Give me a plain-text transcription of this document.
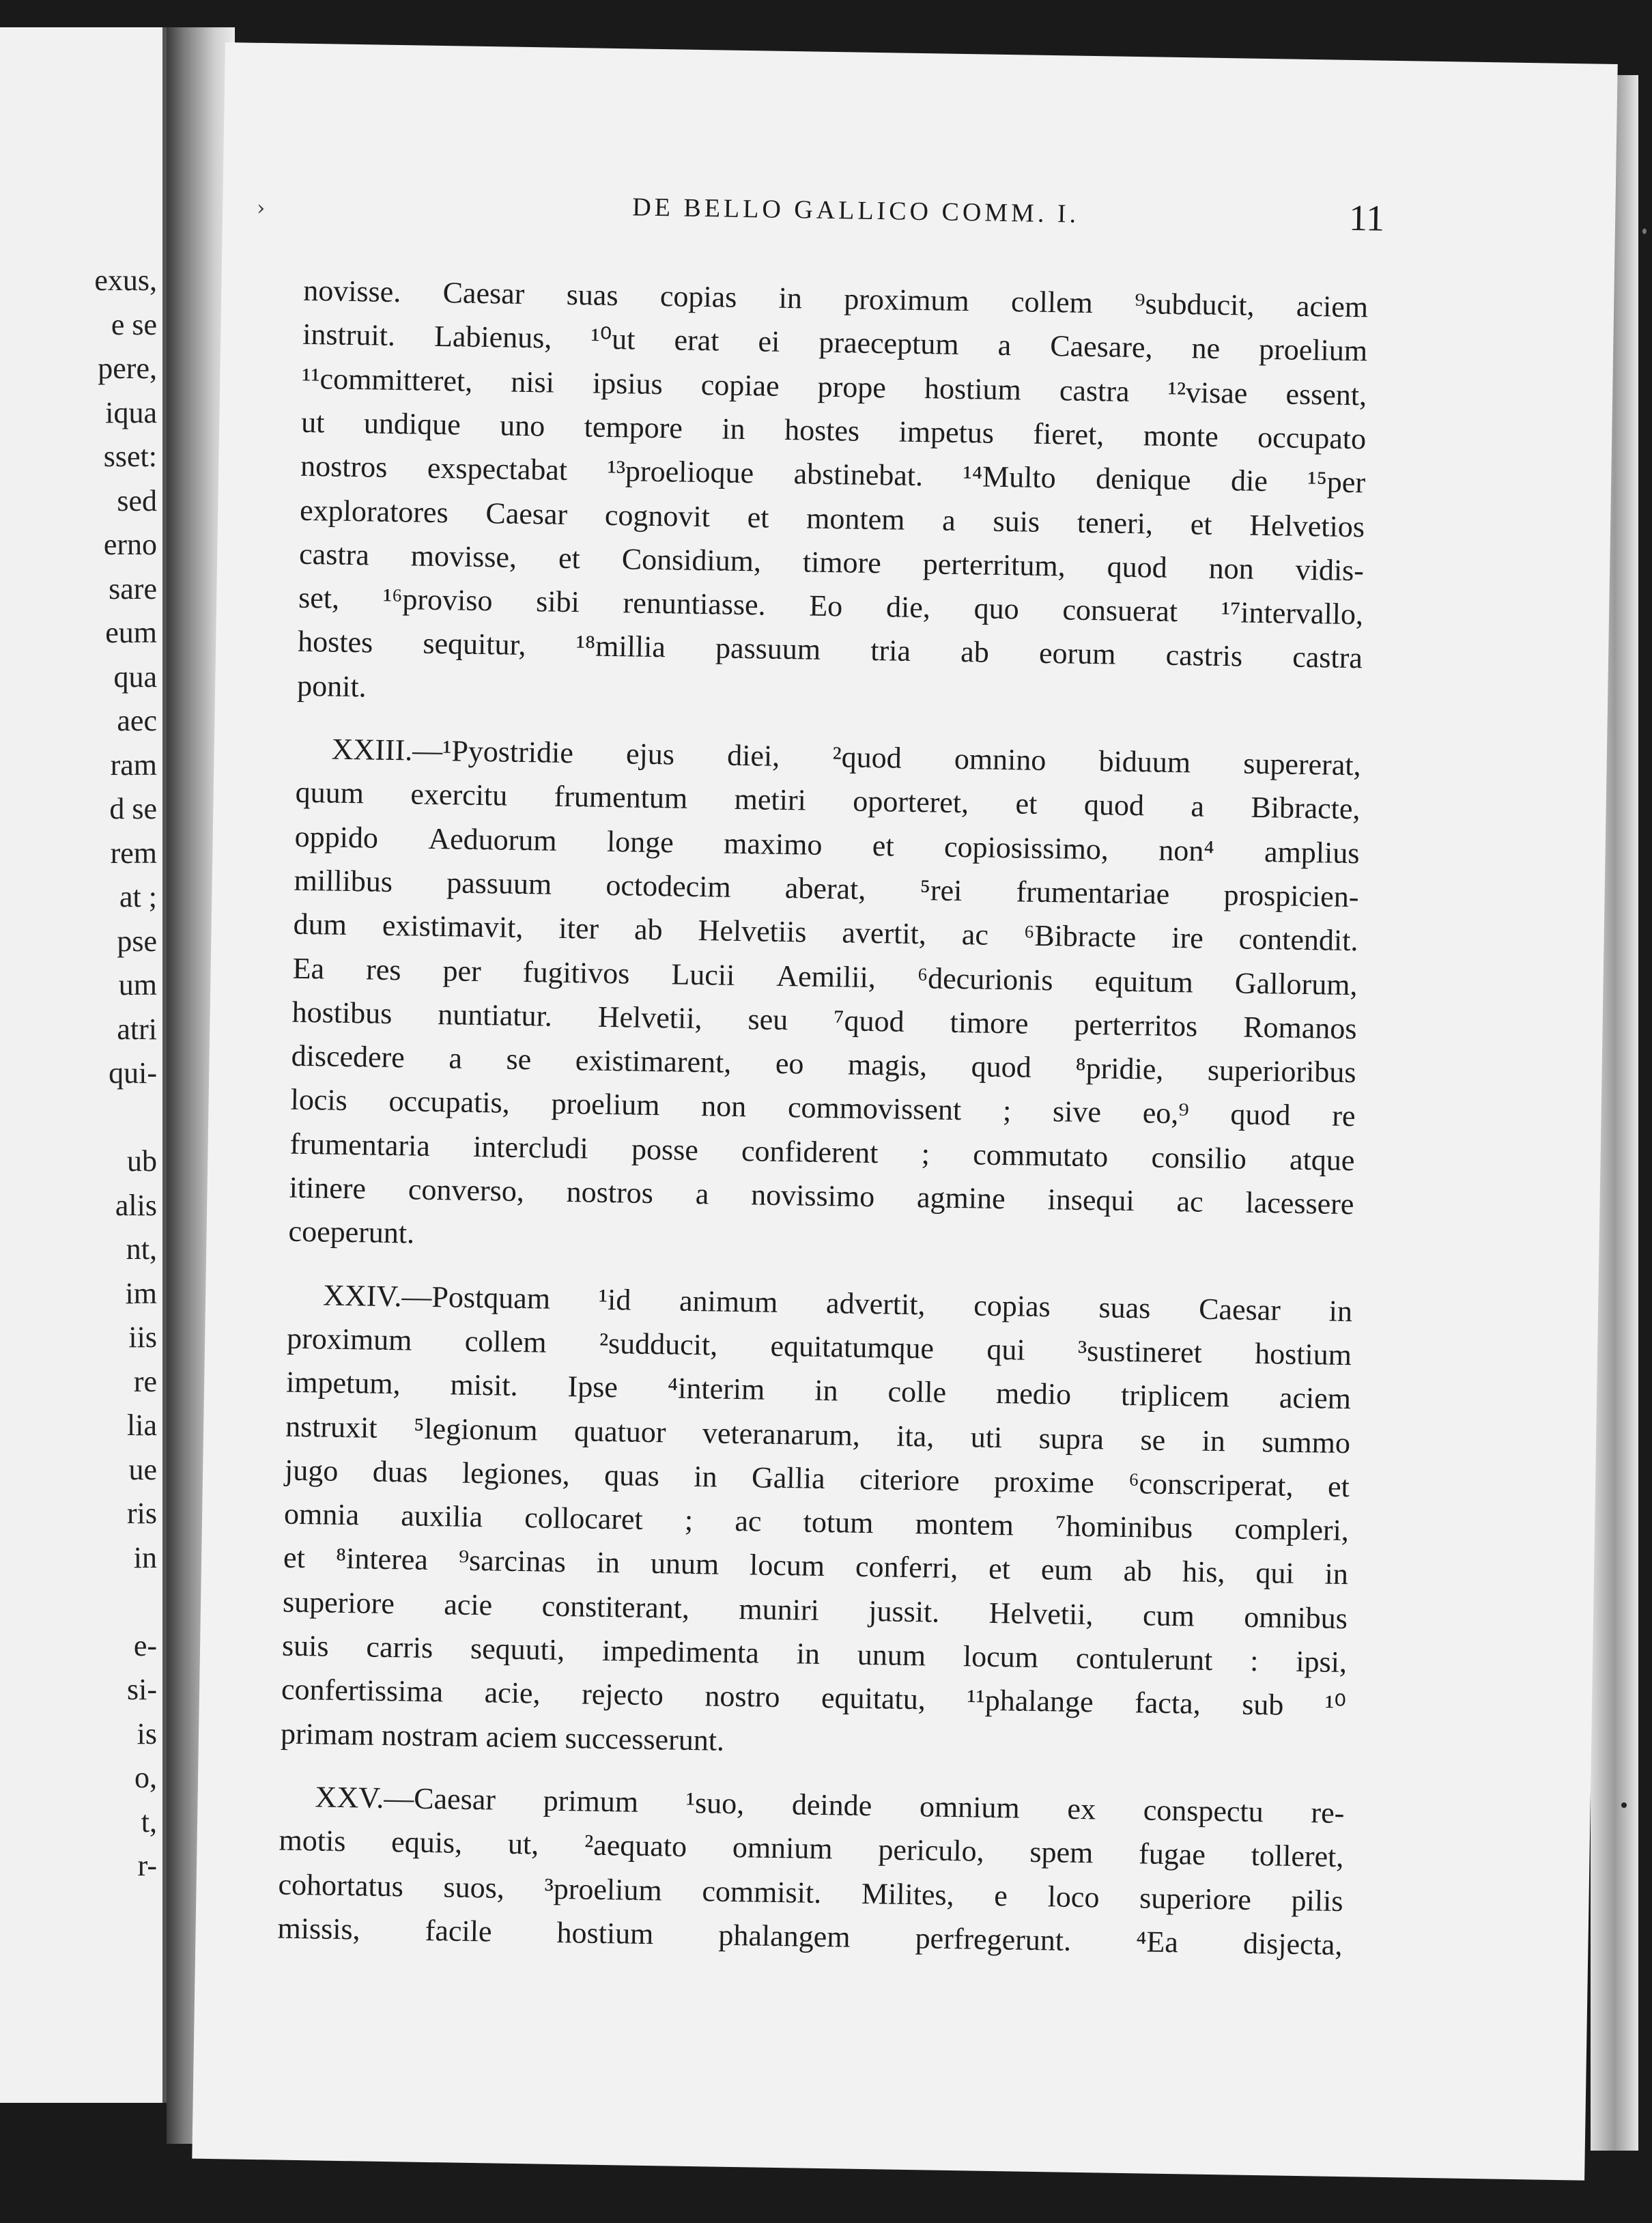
exus,
e se
pere,
iqua
sset:
sed
erno
sare
eum
qua
aec
ram
d se
rem
at ;
pse
um
atri
qui-
ub
alis
nt,
im
iis
re
lia
ue
ris
in
e-
si-
is
o,
t,
r-
›	DE BELLO GALLICO COMM. I.	11
novisse. Caesar suas copias in proximum collem ⁹subducit, aciem
instruit. Labienus, ¹⁰ut erat ei praeceptum a Caesare, ne proelium
¹¹committeret, nisi ipsius copiae prope hostium castra ¹²visae essent,
ut undique uno tempore in hostes impetus fieret, monte occupato
nostros exspectabat ¹³proelioque abstinebat. ¹⁴Multo denique die ¹⁵per
exploratores Caesar cognovit et montem a suis teneri, et Helvetios
castra movisse, et Considium, timore perterritum, quod non vidis-
set, ¹⁶proviso sibi renuntiasse. Eo die, quo consuerat ¹⁷intervallo,
hostes sequitur, ¹⁸millia passuum tria ab eorum castris castra
ponit.
XXIII.—¹Pyostridie ejus diei, ²quod omnino biduum supererat,
quum exercitu frumentum metiri oporteret, et quod a Bibracte,
oppido Aeduorum longe maximo et copiosissimo, non⁴ amplius
millibus passuum octodecim aberat, ⁵rei frumentariae prospicien-
dum existimavit, iter ab Helvetiis avertit, ac ⁶Bibracte ire contendit.
Ea res per fugitivos Lucii Aemilii, ⁶decurionis equitum Gallorum,
hostibus nuntiatur. Helvetii, seu ⁷quod timore perterritos Romanos
discedere a se existimarent, eo magis, quod ⁸pridie, superioribus
locis occupatis, proelium non commovissent ; sive eo,⁹ quod re
frumentaria intercludi posse confiderent ; commutato consilio atque
itinere converso, nostros a novissimo agmine insequi ac lacessere
coeperunt.
XXIV.—Postquam ¹id animum advertit, copias suas Caesar in
proximum collem ²sudducit, equitatumque qui ³sustineret hostium
impetum, misit. Ipse ⁴interim in colle medio triplicem aciem
nstruxit ⁵legionum quatuor veteranarum, ita, uti supra se in summo
jugo duas legiones, quas in Gallia citeriore proxime ⁶conscriperat, et
omnia auxilia collocaret ; ac totum montem ⁷hominibus compleri,
et ⁸interea ⁹sarcinas in unum locum conferri, et eum ab his, qui in
superiore acie constiterant, muniri jussit. Helvetii, cum omnibus
suis carris sequuti, impedimenta in unum locum contulerunt : ipsi,
confertissima acie, rejecto nostro equitatu, ¹¹phalange facta, sub ¹⁰
primam nostram aciem successerunt.
XXV.—Caesar primum ¹suo, deinde omnium ex conspectu re-
motis equis, ut, ²aequato omnium periculo, spem fugae tolleret,
cohortatus suos, ³proelium commisit. Milites, e loco superiore pilis
missis, facile hostium phalangem perfregerunt. ⁴Ea disjecta,
